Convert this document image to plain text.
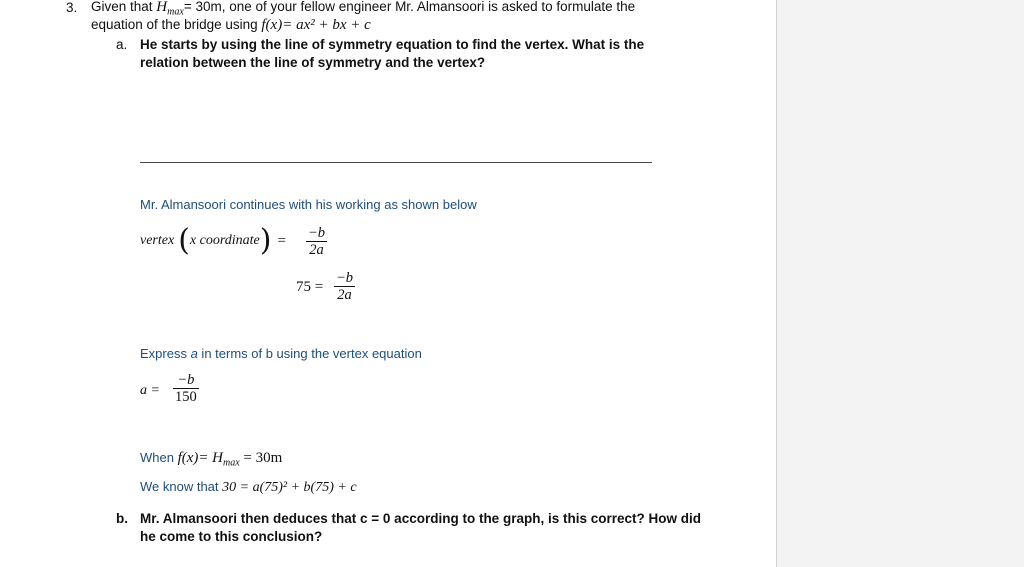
3. Given that $H_{max}= 30m$, one of your fellow engineer Mr. Almansoori is asked to formulate the
equation of the bridge using f(x)= ax² + bx + c
a. He starts by using the line of symmetry equation to find the vertex. What is the
relation between the line of symmetry and the vertex?
Mr. Almansoori continues with his working as shown below
vertex ( x coordinate ) = −b
2a
75 =
−b
2a
Express a in terms of b using the vertex equation
a =
−b
150
When $f(x)= H_{max} = 30m$
We know that 30 = a(75)² + b(75) + c
b. Mr. Almansoori then deduces that c = 0 according to the graph, is this correct? How did
he come to this conclusion?
